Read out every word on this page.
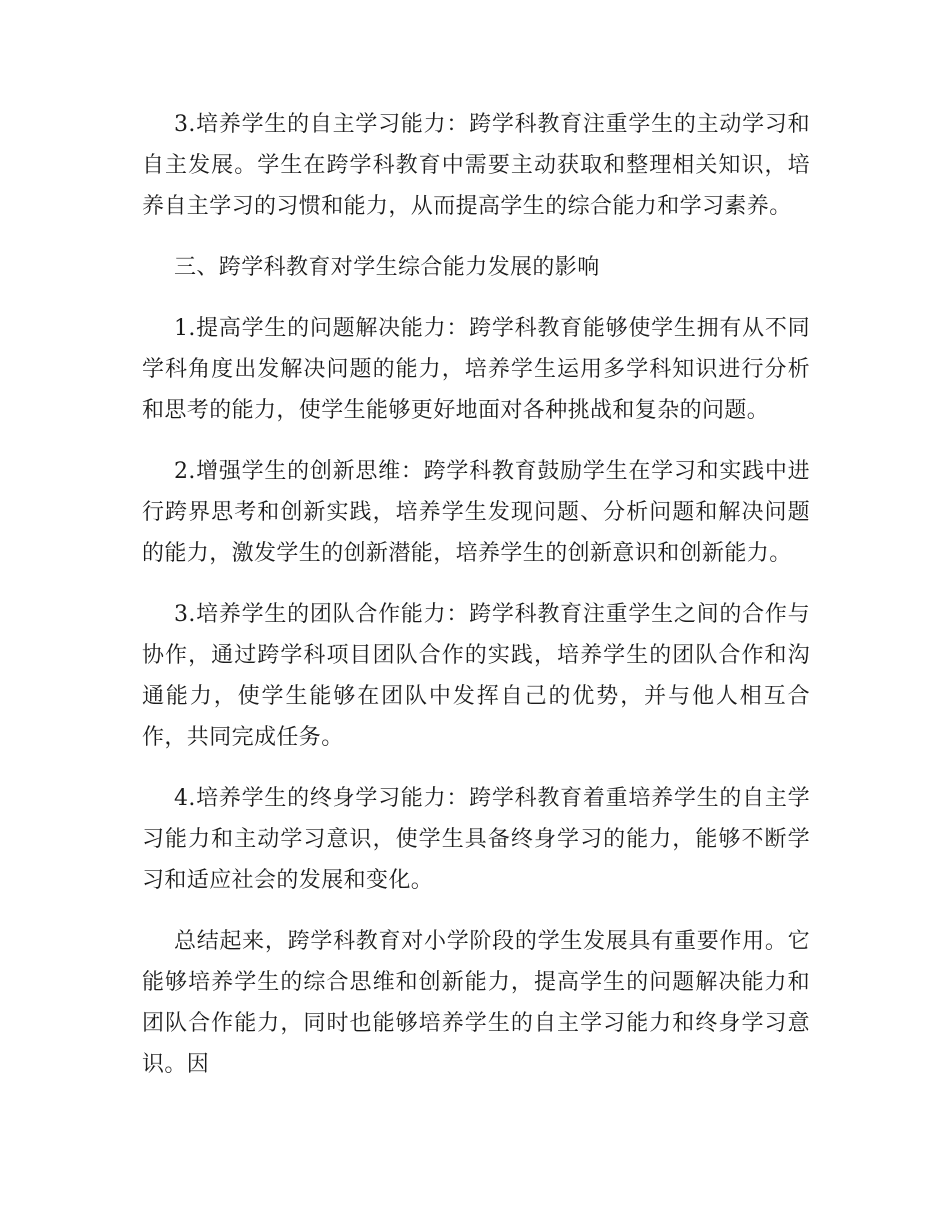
3.培养学生的自主学习能力：跨学科教育注重学生的主动学习和自主发展。学生在跨学科教育中需要主动获取和整理相关知识，培养自主学习的习惯和能力，从而提高学生的综合能力和学习素养。

三、跨学科教育对学生综合能力发展的影响

1.提高学生的问题解决能力：跨学科教育能够使学生拥有从不同学科角度出发解决问题的能力，培养学生运用多学科知识进行分析和思考的能力，使学生能够更好地面对各种挑战和复杂的问题。

2.增强学生的创新思维：跨学科教育鼓励学生在学习和实践中进行跨界思考和创新实践，培养学生发现问题、分析问题和解决问题的能力，激发学生的创新潜能，培养学生的创新意识和创新能力。

3.培养学生的团队合作能力：跨学科教育注重学生之间的合作与协作，通过跨学科项目团队合作的实践，培养学生的团队合作和沟通能力，使学生能够在团队中发挥自己的优势，并与他人相互合作，共同完成任务。

4.培养学生的终身学习能力：跨学科教育着重培养学生的自主学习能力和主动学习意识，使学生具备终身学习的能力，能够不断学习和适应社会的发展和变化。

总结起来，跨学科教育对小学阶段的学生发展具有重要作用。它能够培养学生的综合思维和创新能力，提高学生的问题解决能力和团队合作能力，同时也能够培养学生的自主学习能力和终身学习意识。因
